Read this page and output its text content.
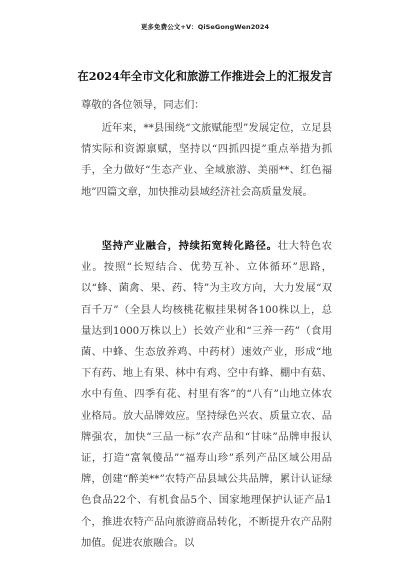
更多免费公文+V：QiSeGongWen2024
在2024年全市文化和旅游工作推进会上的汇报发言
尊敬的各位领导，同志们：

近年来，**县围绕“文旅赋能型”发展定位，立足县情实际和资源禀赋，坚持以“四抓四提”重点举措为抓手，全力做好“生态产业、全域旅游、美丽**、红色福地”四篇文章，加快推动县域经济社会高质量发展。

坚持产业融合，持续拓宽转化路径。壮大特色农业。按照“长短结合、优势互补、立体循环”思路，以“蜂、菌禽、果、药、特”为主攻方向，大力发展“双百千万”（全县人均核桃花椒挂果树各100株以上，总量达到1000万株以上）长效产业和“三养一药”（食用菌、中蜂、生态放养鸡、中药材）速效产业，形成“地下有药、地上有果、林中有鸡、空中有蜂、棚中有菇、水中有鱼、四季有花、村里有客”的“八有”山地立体农业格局。放大品牌效应。坚持绿色兴农、质量立农、品牌强农，加快“三品一标”农产品和“甘味”品牌申报认证，打造“富氧傻品”“福寿山珍”系列产品区域公用品牌，创建“醉美**”农特产品县域公共品牌，累计认证绿色食品22个、有机食品5个、国家地理保护认证产品1个，推进农特产品向旅游商品转化，不断提升农产品附加值。促进农旅融合。以
